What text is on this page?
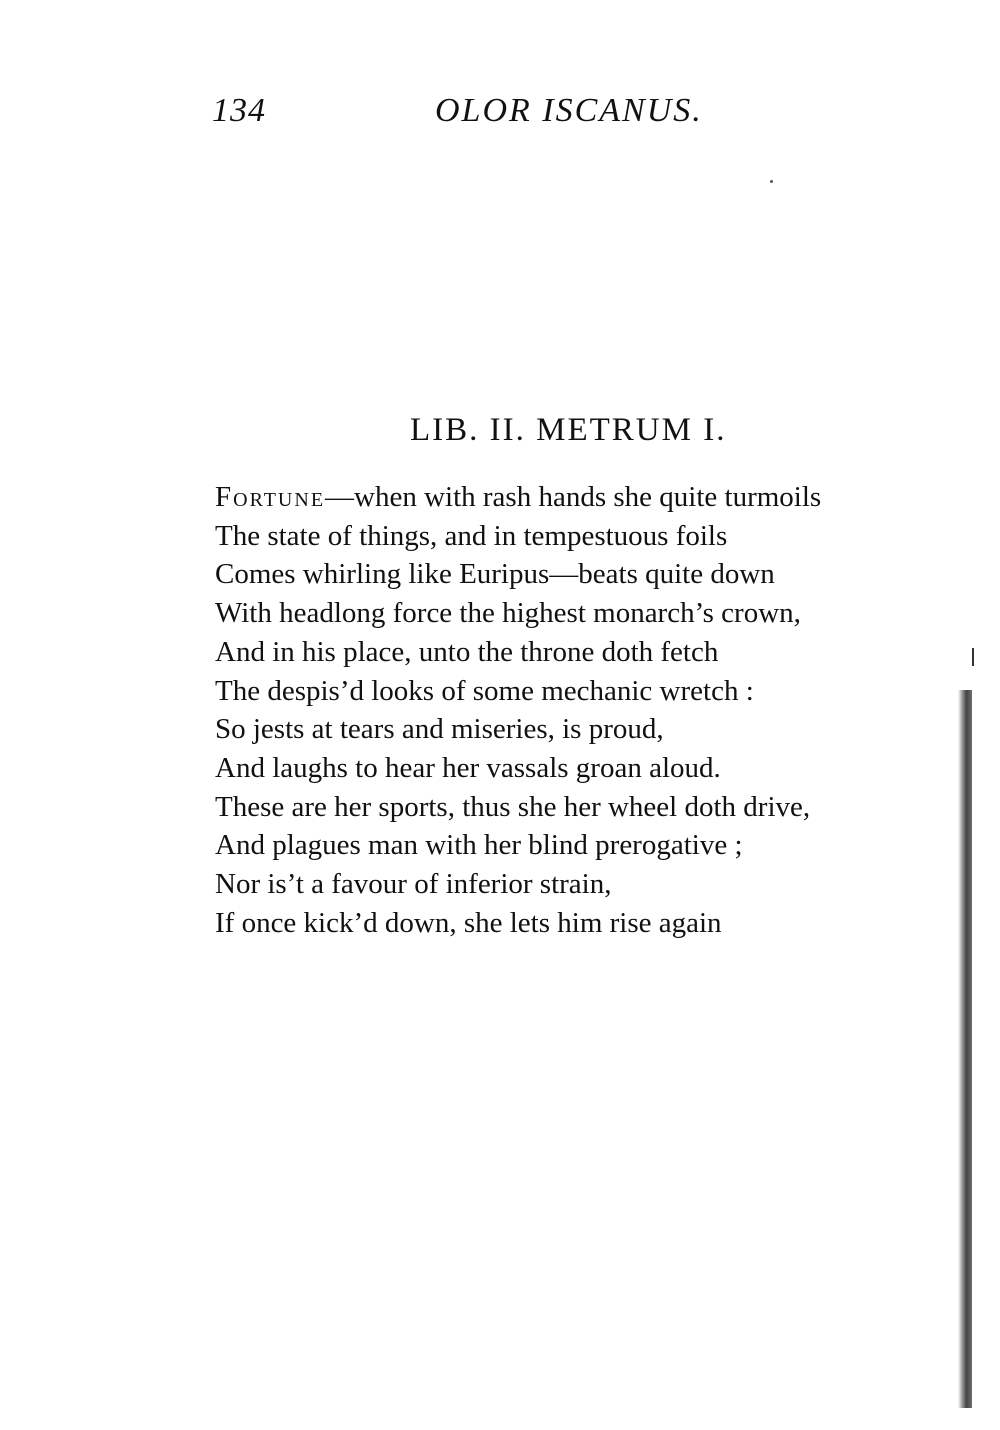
134	OLOR ISCANUS.
LIB. II. METRUM I.
Fortune—when with rash hands she quite turmoils
The state of things, and in tempestuous foils
Comes whirling like Euripus—beats quite down
With headlong force the highest monarch’s crown,
And in his place, unto the throne doth fetch
The despis’d looks of some mechanic wretch :
So jests at tears and miseries, is proud,
And laughs to hear her vassals groan aloud.
These are her sports, thus she her wheel doth drive,
And plagues man with her blind prerogative ;
Nor is’t a favour of inferior strain,
If once kick’d down, she lets him rise again
